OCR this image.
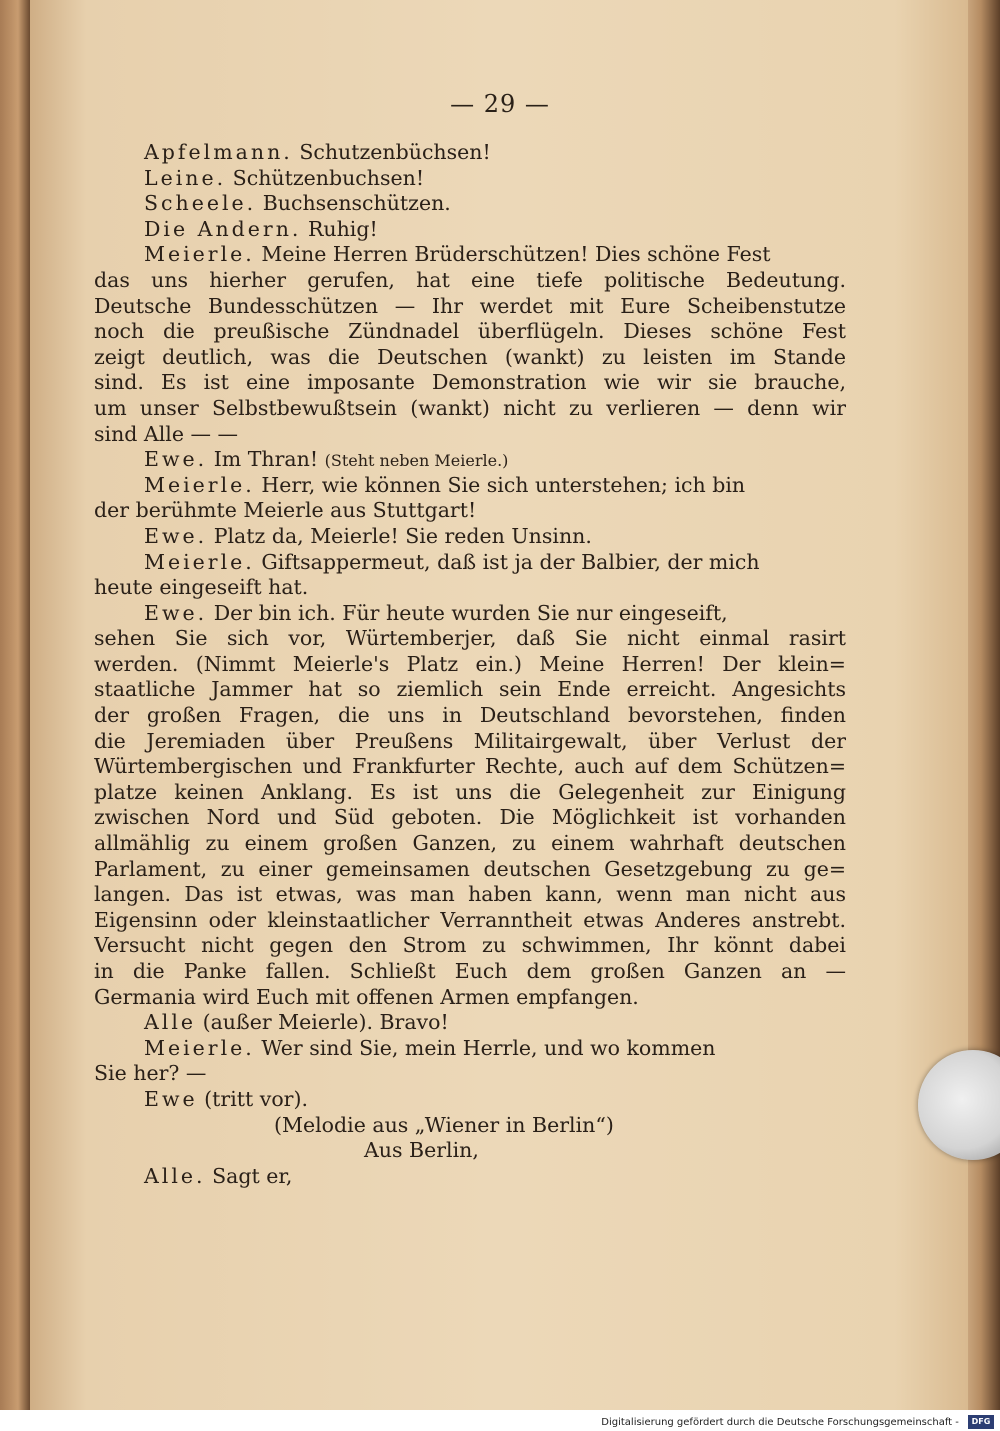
— 29 —
Apfelmann. Schutzenbüchsen!
Leine. Schützenbuchsen!
Scheele. Buchsenschützen.
Die Andern. Ruhig!
Meierle. Meine Herren Brüderschützen! Dies schöne Fest
das uns hierher gerufen, hat eine tiefe politische Bedeutung.
Deutsche Bundesschützen — Ihr werdet mit Eure Scheibenstutze
noch die preußische Zündnadel überflügeln. Dieses schöne Fest
zeigt deutlich, was die Deutschen (wankt) zu leisten im Stande
sind. Es ist eine imposante Demonstration wie wir sie brauche,
um unser Selbstbewußtsein (wankt) nicht zu verlieren — denn wir
sind Alle — —
Ewe. Im Thran! (Steht neben Meierle.)
Meierle. Herr, wie können Sie sich unterstehen; ich bin
der berühmte Meierle aus Stuttgart!
Ewe. Platz da, Meierle! Sie reden Unsinn.
Meierle. Giftsappermeut, daß ist ja der Balbier, der mich
heute eingeseift hat.
Ewe. Der bin ich. Für heute wurden Sie nur eingeseift,
sehen Sie sich vor, Würtemberjer, daß Sie nicht einmal rasirt
werden. (Nimmt Meierle's Platz ein.) Meine Herren! Der klein=
staatliche Jammer hat so ziemlich sein Ende erreicht. Angesichts
der großen Fragen, die uns in Deutschland bevorstehen, finden
die Jeremiaden über Preußens Militairgewalt, über Verlust der
Würtembergischen und Frankfurter Rechte, auch auf dem Schützen=
platze keinen Anklang. Es ist uns die Gelegenheit zur Einigung
zwischen Nord und Süd geboten. Die Möglichkeit ist vorhanden
allmählig zu einem großen Ganzen, zu einem wahrhaft deutschen
Parlament, zu einer gemeinsamen deutschen Gesetzgebung zu ge=
langen. Das ist etwas, was man haben kann, wenn man nicht aus
Eigensinn oder kleinstaatlicher Verranntheit etwas Anderes anstrebt.
Versucht nicht gegen den Strom zu schwimmen, Ihr könnt dabei
in die Panke fallen. Schließt Euch dem großen Ganzen an —
Germania wird Euch mit offenen Armen empfangen.
Alle (außer Meierle). Bravo!
Meierle. Wer sind Sie, mein Herrle, und wo kommen
Sie her? —
Ewe (tritt vor).
(Melodie aus „Wiener in Berlin“)
Aus Berlin,
Alle. Sagt er,
Digitalisierung gefördert durch die Deutsche Forschungsgemeinschaft - DFG
